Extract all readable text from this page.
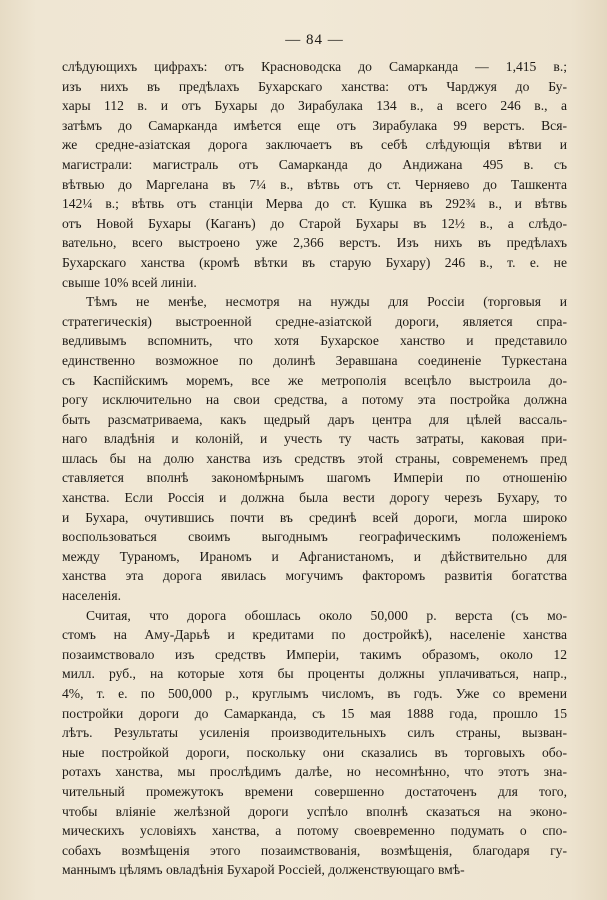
— 84 —
слѣдующихъ цифрахъ: отъ Красноводска до Самарканда — 1,415 в.;
изъ нихъ въ предѣлахъ Бухарскаго ханства: отъ Чарджуя до Бу-
хары 112 в. и отъ Бухары до Зирабулака 134 в., а всего 246 в., а
затѣмъ до Самарканда имѣется еще отъ Зирабулака 99 верстъ. Вся-
же средне-азіатская дорога заключаетъ въ себѣ слѣдующія вѣтви и
магистрали: магистраль отъ Самарканда до Андижана 495 в. съ
вѣтвью до Маргелана въ 7¼ в., вѣтвь отъ ст. Черняево до Ташкента
142¼ в.; вѣтвь отъ станціи Мерва до ст. Кушка въ 292¾ в., и вѣтвь
отъ Новой Бухары (Каганъ) до Старой Бухары въ 12½ в., а слѣдо-
вательно, всего выстроено уже 2,366 верстъ. Изъ нихъ въ предѣлахъ
Бухарскаго ханства (кромѣ вѣтки въ старую Бухару) 246 в., т. е. не
свыше 10% всей линіи.
Тѣмъ не менѣе, несмотря на нужды для Россіи (торговыя и
стратегическія) выстроенной средне-азіатской дороги, является спра-
ведливымъ вспомнить, что хотя Бухарское ханство и представило
единственно возможное по долинѣ Зеравшана соединеніе Туркестана
съ Каспійскимъ моремъ, все же метрополія всецѣло выстроила до-
рогу исключительно на свои средства, а потому эта постройка должна
быть разсматриваема, какъ щедрый даръ центра для цѣлей вассаль-
наго владѣнія и колоній, и учесть ту часть затраты, каковая при-
шлась бы на долю ханства изъ средствъ этой страны, современемъ пред
ставляется вполнѣ закономѣрнымъ шагомъ Имперіи по отношенію
ханства. Если Россія и должна была вести дорогу черезъ Бухару, то
и Бухара, очутившись почти въ срединѣ всей дороги, могла широко
воспользоваться своимъ выгоднымъ географическимъ положеніемъ
между Тураномъ, Ираномъ и Афганистаномъ, и дѣйствительно для
ханства эта дорога явилась могучимъ факторомъ развитія богатства
населенія.
Считая, что дорога обошлась около 50,000 р. верста (съ мо-
стомъ на Аму-Дарьѣ и кредитами по достройкѣ), населеніе ханства
позаимствовало изъ средствъ Имперіи, такимъ образомъ, около 12
милл. руб., на которые хотя бы проценты должны уплачиваться, напр.,
4%, т. е. по 500,000 р., круглымъ числомъ, въ годъ. Уже со времени
постройки дороги до Самарканда, съ 15 мая 1888 года, прошло 15
лѣтъ. Результаты усиленія производительныхъ силъ страны, вызван-
ные постройкой дороги, поскольку они сказались въ торговыхъ обо-
ротахъ ханства, мы прослѣдимъ далѣе, но несомнѣнно, что этотъ зна-
чительный промежутокъ времени совершенно достаточенъ для того,
чтобы вліяніе желѣзной дороги успѣло вполнѣ сказаться на эконо-
мическихъ условіяхъ ханства, а потому своевременно подумать о спо-
собахъ возмѣщенія этого позаимствованія, возмѣщенія, благодаря гу-
маннымъ цѣлямъ овладѣнія Бухарой Россіей, долженствующаго вмѣ-
